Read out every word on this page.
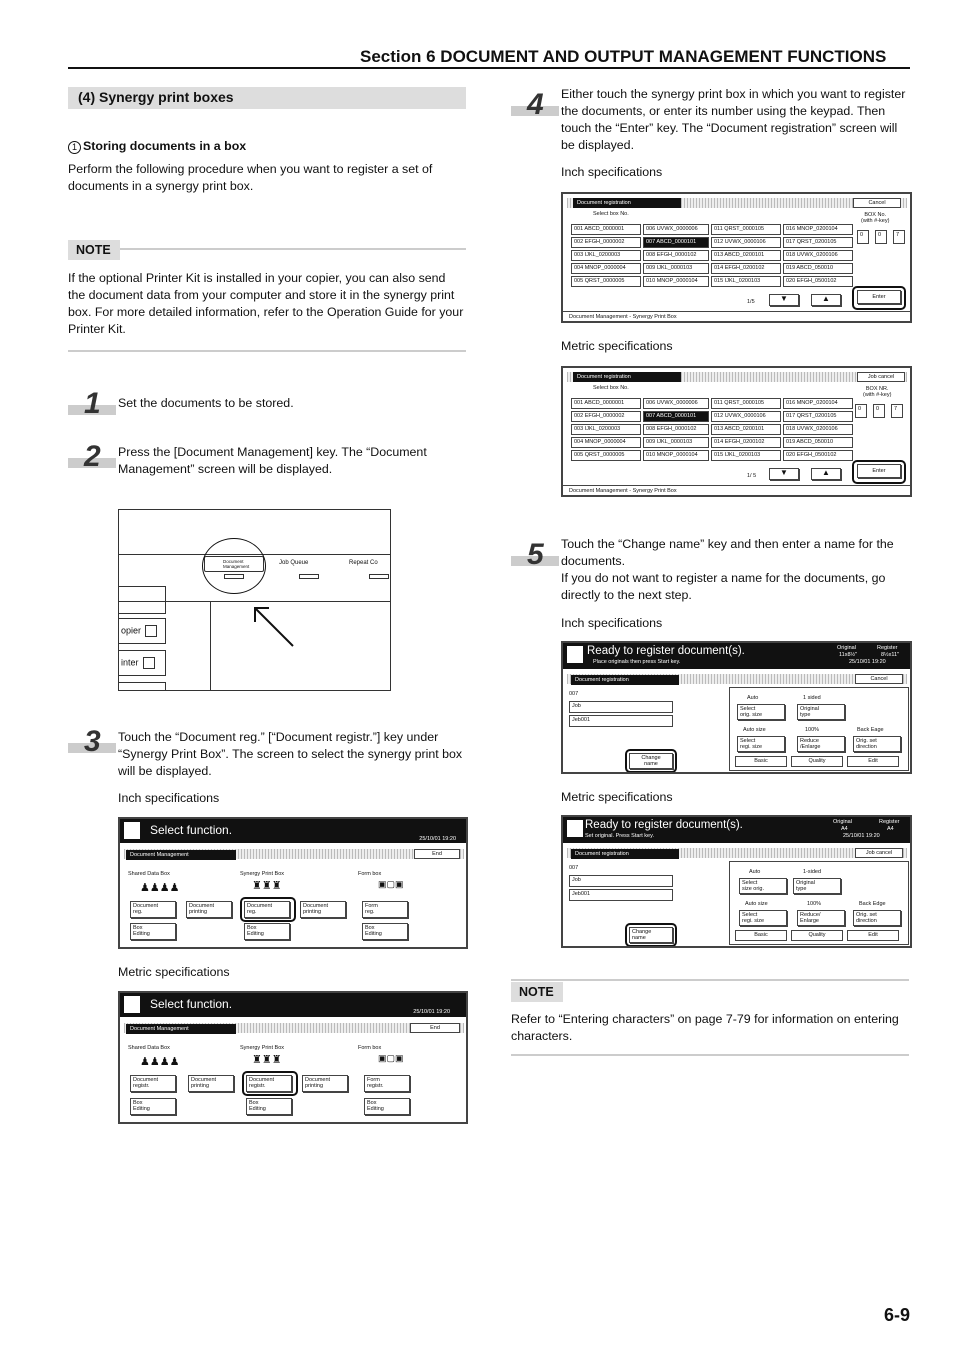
Section 6 DOCUMENT AND OUTPUT MANAGEMENT FUNCTIONS
(4) Synergy print boxes
1 Storing documents in a box
Perform the following procedure when you want to register a set of documents in a synergy print box.
NOTE
If the optional Printer Kit is installed in your copier, you can also send the document data from your computer and store it in the synergy print box. For more detailed information, refer to the Operation Guide for your Printer Kit.
1 Set the documents to be stored.
2 Press the [Document Management] key. The “Document Management” screen will be displayed.
Document
Management
Job Queue	Repeat Co
opier
inter
3 Touch the “Document reg.” [“Document registr.”] key under “Synergy Print Box”. The screen to select the synergy print box will be displayed.
Inch specifications
Select function.
25/10/01 19:20
Document Management	End
Shared Data Box	Synergy Print Box	Form box
♟♟♟♟	♜♜♜	▣▢▣
Document
reg.
Document
printing
Document
reg.
Document
printing
Form
reg.
Box
Editing
Box
Editing
Box
Editing
Metric specifications
Select function.
25/10/01 19:20
Document Management	End
Shared Data Box	Synergy Print Box	Form box
♟♟♟♟	♜♜♜	▣▢▣
Document
registr.
Document
printing
Document
registr.
Document
printing
Form
registr.
Box
Editing
Box
Editing
Box
Editing
4 Either touch the synergy print box in which you want to register the documents, or enter its number using the keypad. Then touch the “Enter” key. The “Document registration” screen will be displayed.
Inch specifications
Document registration	Cancel
Select box No.	BOX No.
(with #-key)
0	0	7
1/5	▼	▲	Enter
Document Management - Synergy Print Box
001 ABCD_0000001	006 UVWX_0000006	011 QRST_0000105	016 MNOP_0200104
002 EFGH_0000002	007 ABCD_0000101	012 UVWX_0000106	017 QRST_0200105
003 IJKL_0200003	008 EFGH_0000102	013 ABCD_0200101	018 UVWX_0200106
004 MNOP_0000004	009 IJKL_0000103	014 EFGH_0200102	019 ABCD_050010
005 QRST_0000005	010 MNOP_0000104	015 IJKL_0200103	020 EFGH_0500102
Metric specifications
Document registration	Job cancel
Select box No.	BOX NR.
(with #-key)
0	0	7
1/ 5	▼	▲	Enter
Document Management - Synergy Print Box
001 ABCD_0000001	006 UVWX_0000006	011 QRST_0000105	016 MNOP_0200104
002 EFGH_0000002	007 ABCD_0000101	012 UVWX_0000106	017 QRST_0200105
003 IJKL_0200003	008 EFGH_0000102	013 ABCD_0200101	018 UVWX_0200106
004 MNOP_0000004	009 IJKL_0000103	014 EFGH_0200102	019 ABCD_050010
005 QRST_0000005	010 MNOP_0000104	015 IJKL_0200103	020 EFGH_0500102
5 Touch the “Change name” key and then enter a name for the documents.
If you do not want to register a name for the documents, go directly to the next step.
Inch specifications
Ready to register document(s).
Place originals then press Start key.
Original	Register
11x8½"	8½x11"
25/10/01 19:20
Document registration	Cancel
007
Job
Jeb001
Change
name
Auto	1 sided
Select
orig. size
Original
type
Auto size	100%	Back Eage
Select
regi. size
Reduce
/Enlarge
Orig. set
direction
Basic	Quality	Edit
Metric specifications
Ready to register document(s).
Set original. Press Start key.
Original	Register
A4	A4
25/10/01 19:20
Document registration	Job cancel
007
Job
Jeb001
Change
name
Auto	1-sided
Select
size orig.
Original
type
Auto size	100%	Back Edge
Select
regi. size
Reduce/
Enlarge
Orig. set
direction
Basic	Quality	Edit
NOTE
Refer to “Entering characters” on page 7-79 for information on entering characters.
6-9
